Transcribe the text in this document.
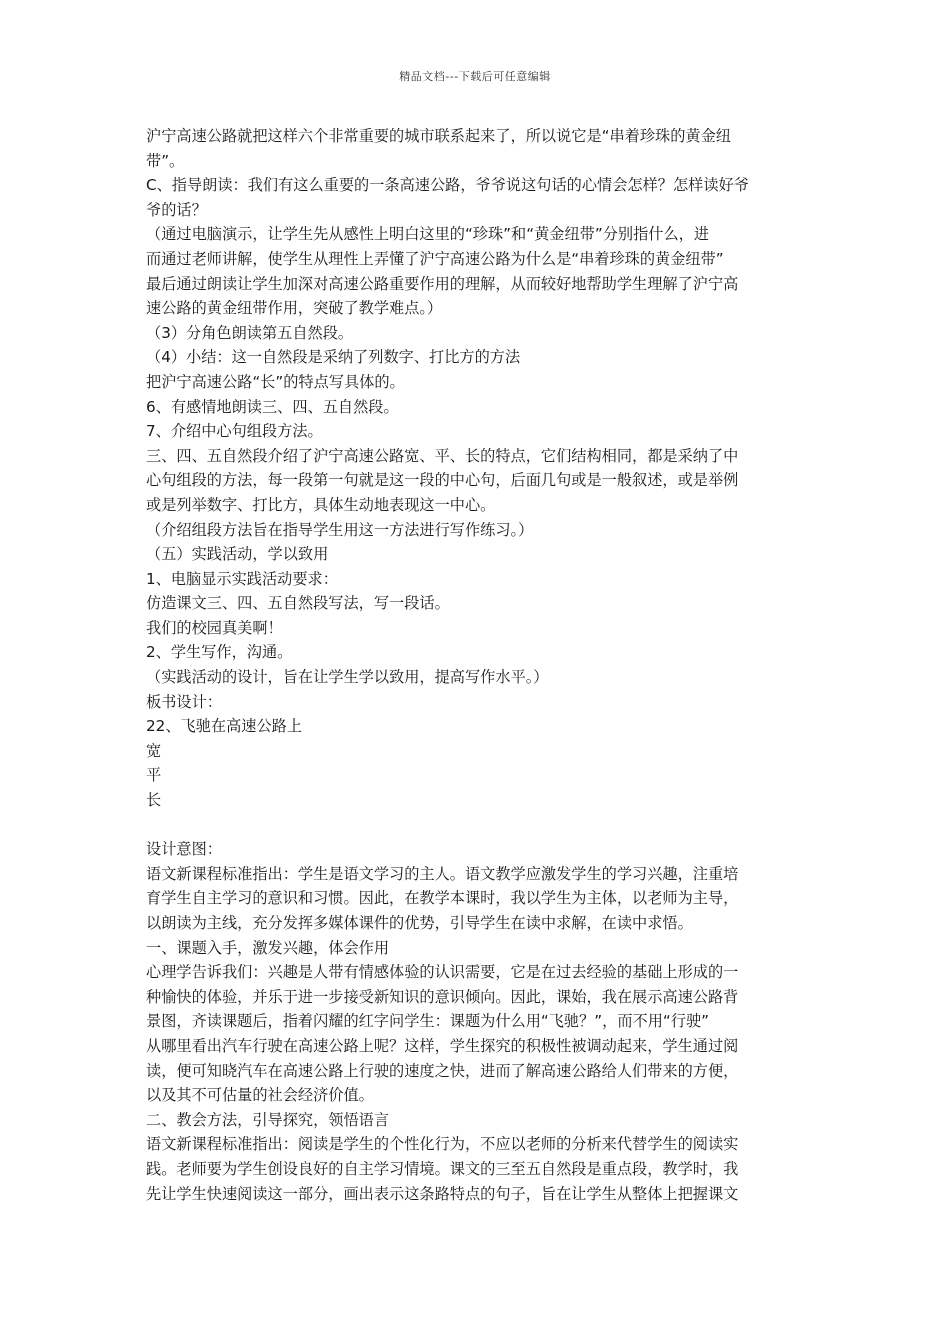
精品文档---下载后可任意编辑
沪宁高速公路就把这样六个非常重要的城市联系起来了，所以说它是“串着珍珠的黄金纽
带”。
C、指导朗读：我们有这么重要的一条高速公路，爷爷说这句话的心情会怎样？怎样读好爷
爷的话？
（通过电脑演示，让学生先从感性上明白这里的“珍珠”和“黄金纽带”分别指什么，进
而通过老师讲解，使学生从理性上弄懂了沪宁高速公路为什么是“串着珍珠的黄金纽带”
最后通过朗读让学生加深对高速公路重要作用的理解，从而较好地帮助学生理解了沪宁高
速公路的黄金纽带作用，突破了教学难点。）
（3）分角色朗读第五自然段。
（4）小结：这一自然段是采纳了列数字、打比方的方法
把沪宁高速公路“长”的特点写具体的。
6、有感情地朗读三、四、五自然段。
7、介绍中心句组段方法。
三、四、五自然段介绍了沪宁高速公路宽、平、长的特点，它们结构相同，都是采纳了中
心句组段的方法，每一段第一句就是这一段的中心句，后面几句或是一般叙述，或是举例
或是列举数字、打比方，具体生动地表现这一中心。
（介绍组段方法旨在指导学生用这一方法进行写作练习。）
（五）实践活动，学以致用
1、电脑显示实践活动要求：
仿造课文三、四、五自然段写法，写一段话。
我们的校园真美啊！
2、学生写作，沟通。
（实践活动的设计，旨在让学生学以致用，提高写作水平。）
板书设计：
22、飞驰在高速公路上
宽
平
长
设计意图：
语文新课程标准指出：学生是语文学习的主人。语文教学应激发学生的学习兴趣，注重培
育学生自主学习的意识和习惯。因此，在教学本课时，我以学生为主体，以老师为主导，
以朗读为主线，充分发挥多媒体课件的优势，引导学生在读中求解，在读中求悟。
一、课题入手，激发兴趣，体会作用
心理学告诉我们：兴趣是人带有情感体验的认识需要，它是在过去经验的基础上形成的一
种愉快的体验，并乐于进一步接受新知识的意识倾向。因此，课始，我在展示高速公路背
景图，齐读课题后，指着闪耀的红字问学生：课题为什么用“飞驰？”，而不用“行驶”
从哪里看出汽车行驶在高速公路上呢？这样，学生探究的积极性被调动起来，学生通过阅
读，便可知晓汽车在高速公路上行驶的速度之快，进而了解高速公路给人们带来的方便，
以及其不可估量的社会经济价值。
二、教会方法，引导探究，领悟语言
语文新课程标准指出：阅读是学生的个性化行为，不应以老师的分析来代替学生的阅读实
践。老师要为学生创设良好的自主学习情境。课文的三至五自然段是重点段，教学时，我
先让学生快速阅读这一部分，画出表示这条路特点的句子，旨在让学生从整体上把握课文
